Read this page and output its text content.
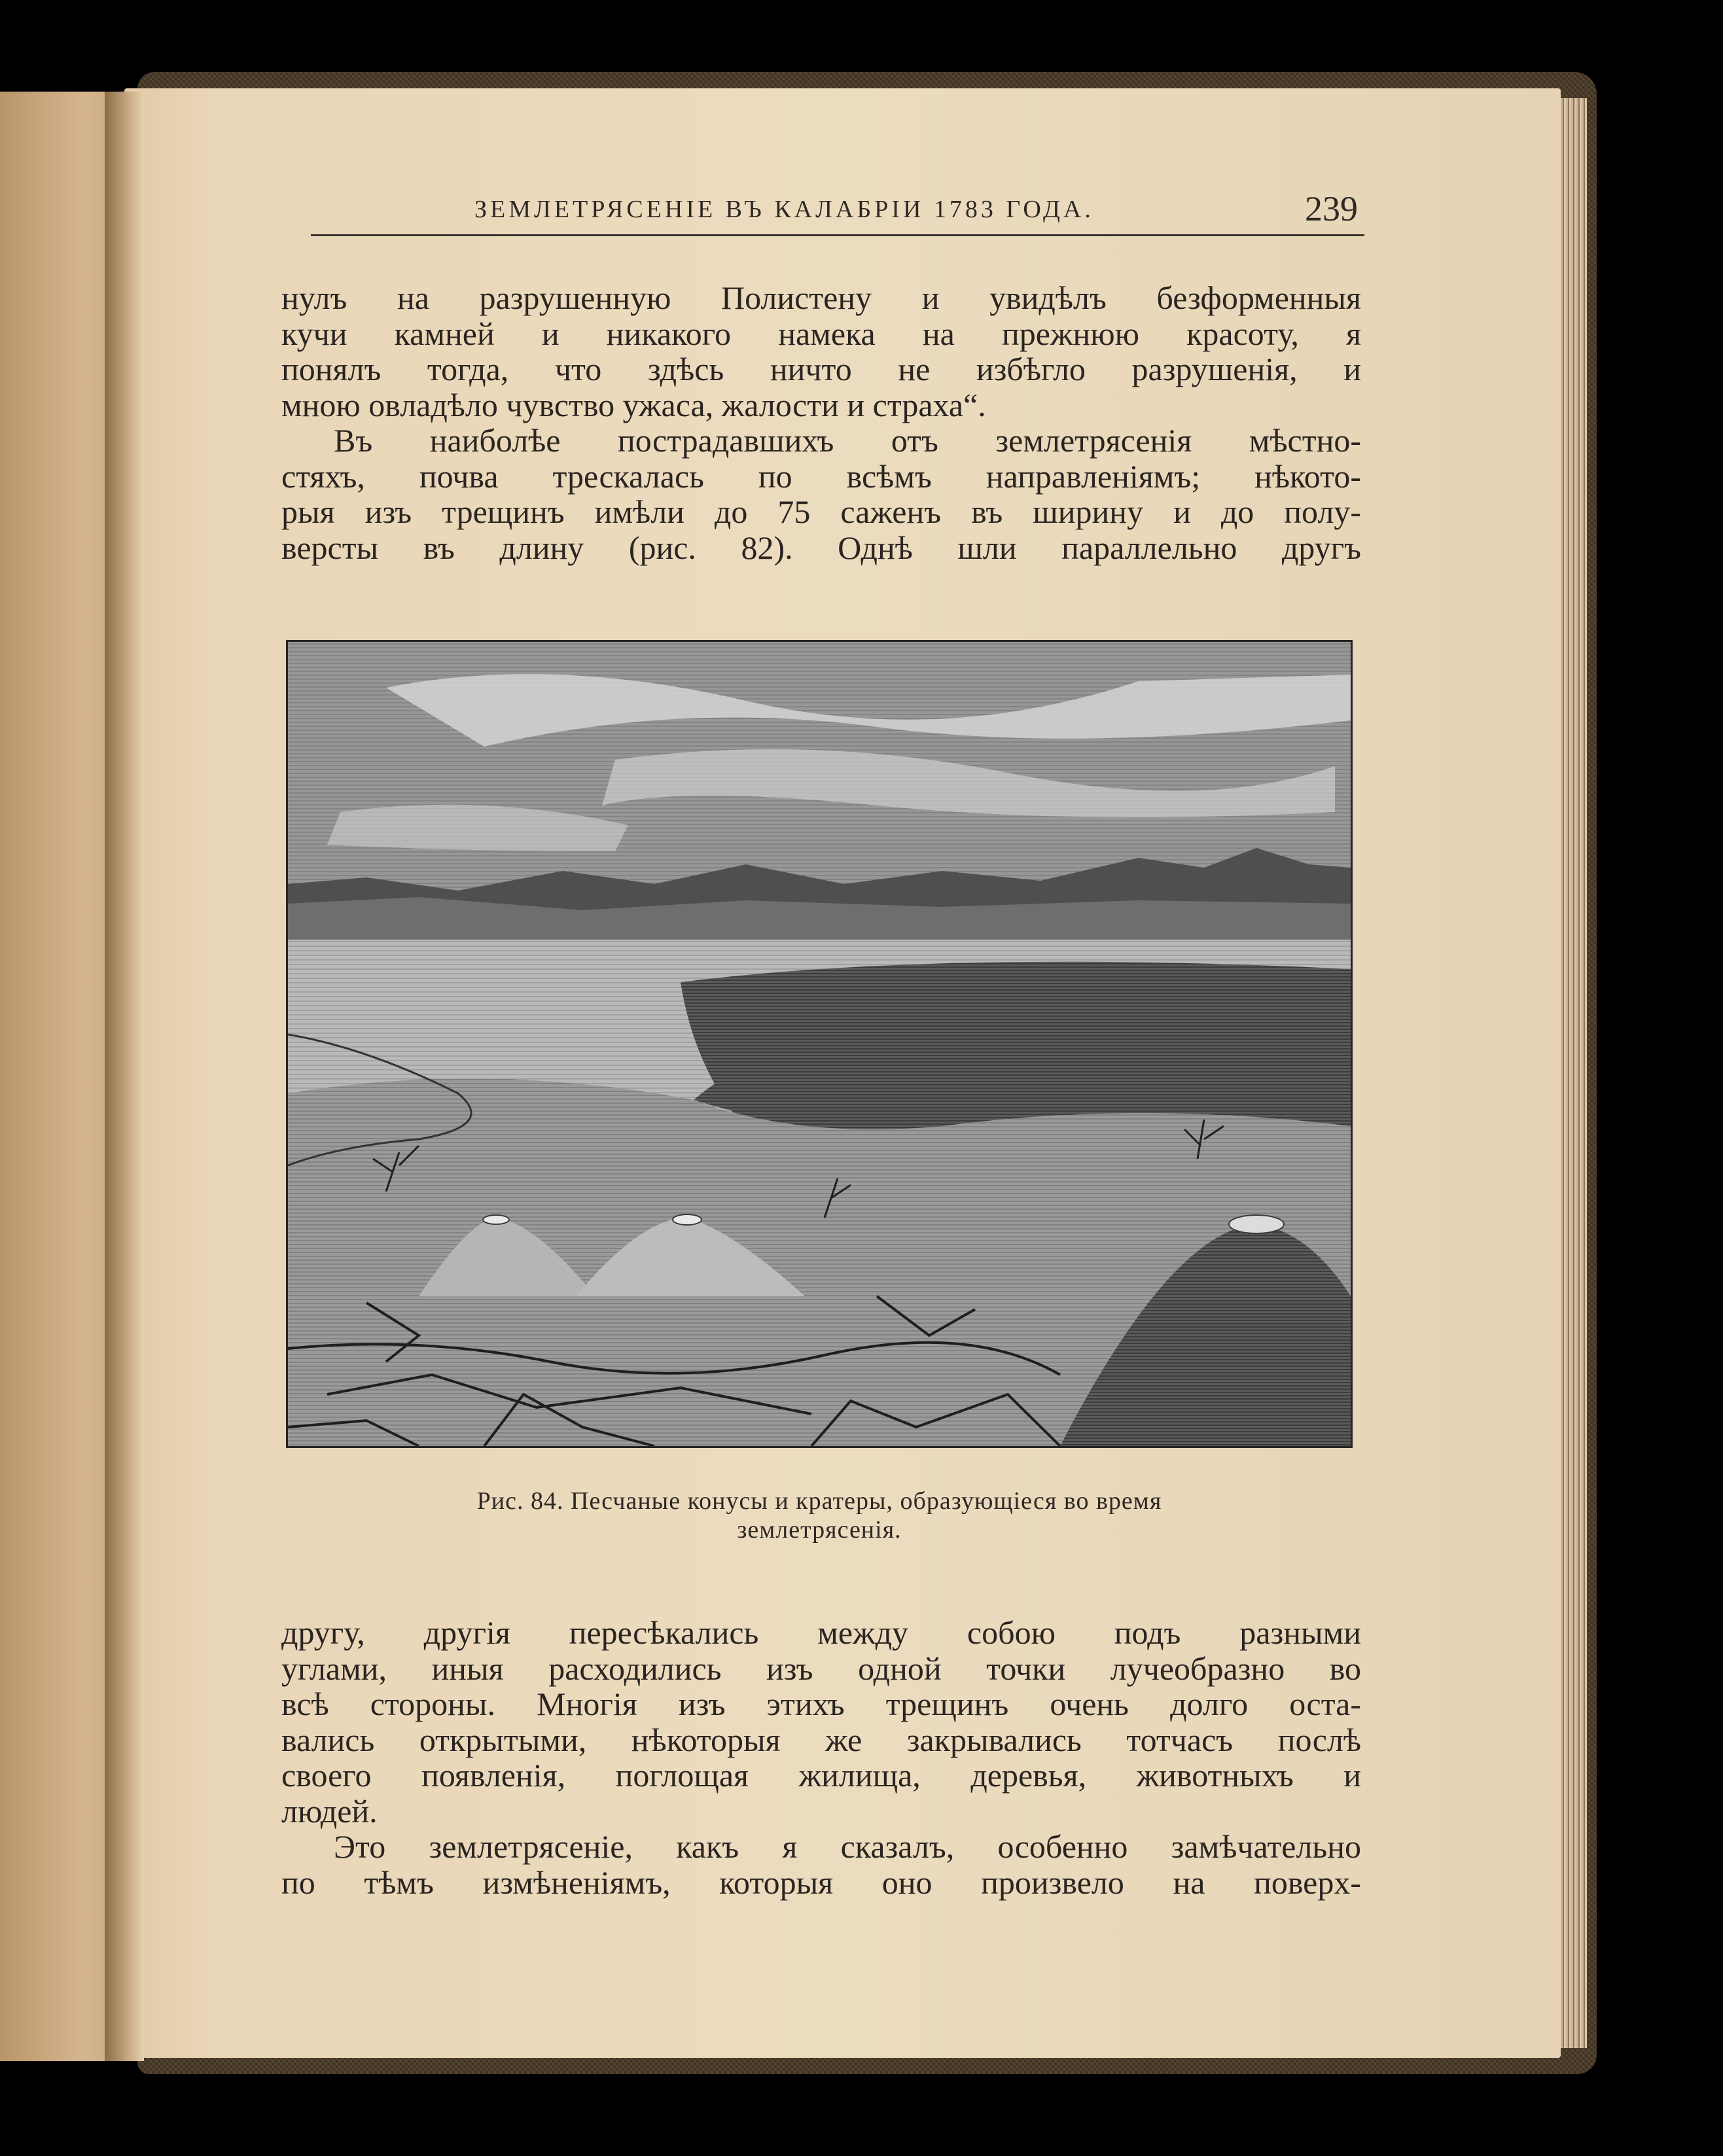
ЗЕМЛЕТРЯСЕНІЕ ВЪ КАЛАБРІИ 1783 ГОДА.	239
нулъ на разрушенную Полистену и увидѣлъ безформенныя
кучи камней и никакого намека на прежнюю красоту, я
понялъ тогда, что здѣсь ничто не избѣгло разрушенія, и
мною овладѣло чувство ужаса, жалости и страха“.
Въ наиболѣе пострадавшихъ отъ землетрясенія мѣстно-
стяхъ, почва трескалась по всѣмъ направленіямъ; нѣкото-
рыя изъ трещинъ имѣли до 75 саженъ въ ширину и до полу-
версты въ длину (рис. 82). Однѣ шли параллельно другъ
Рис. 84. Песчаные конусы и кратеры, образующіеся во время
землетрясенія.
другу, другія пересѣкались между собою подъ разными
углами, иныя расходились изъ одной точки лучеобразно во
всѣ стороны. Многія изъ этихъ трещинъ очень долго оста-
вались открытыми, нѣкоторыя же закрывались тотчасъ послѣ
своего появленія, поглощая жилища, деревья, животныхъ и
людей.
Это землетрясеніе, какъ я сказалъ, особенно замѣчательно
по тѣмъ измѣненіямъ, которыя оно произвело на поверх-
